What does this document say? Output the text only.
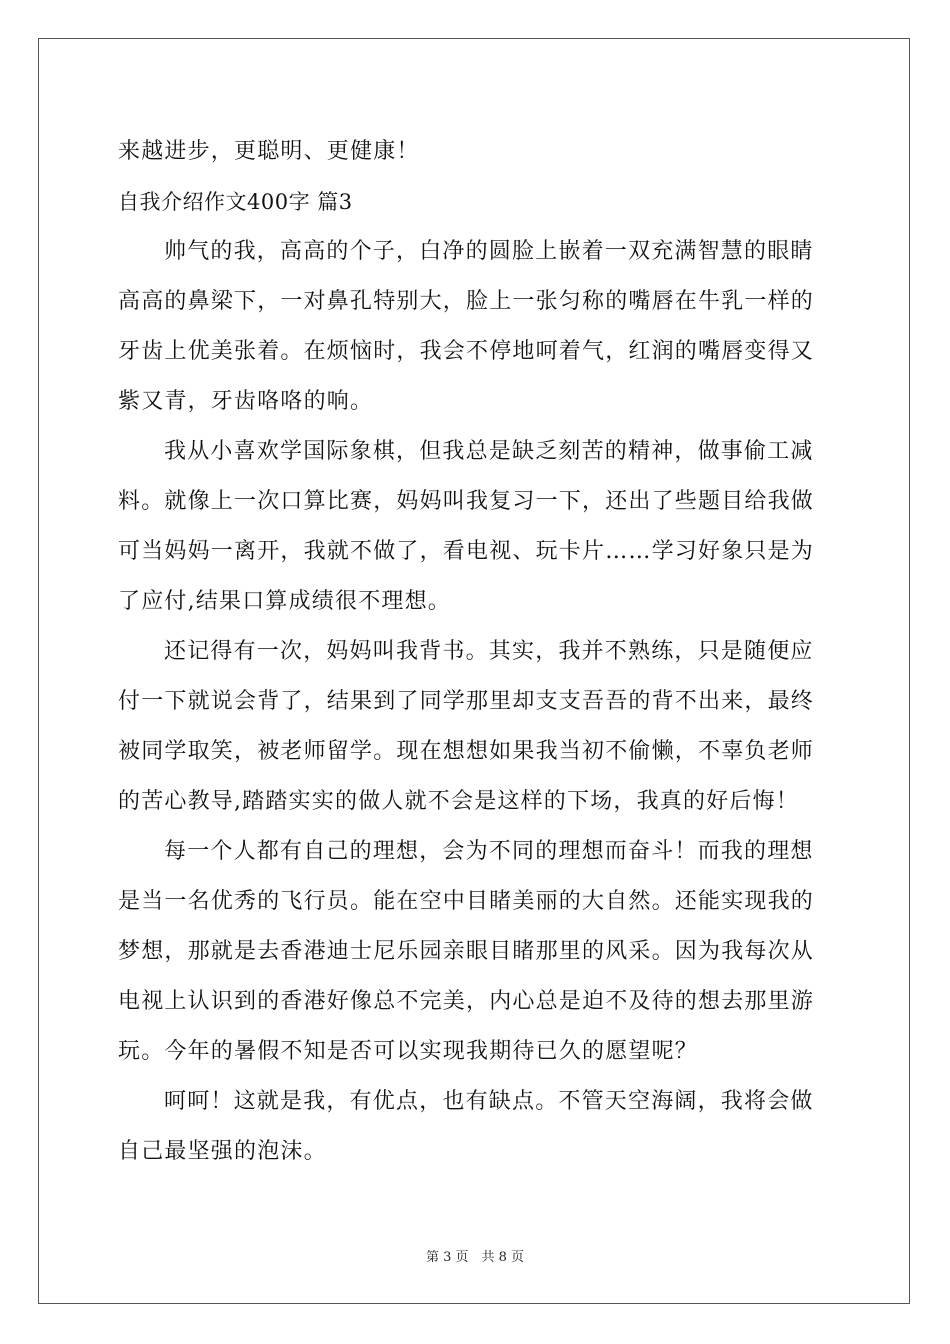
来越进步，更聪明、更健康！
自我介绍作文400字 篇3
帅气的我，高高的个子，白净的圆脸上嵌着一双充满智慧的眼睛
高高的鼻梁下，一对鼻孔特别大，脸上一张匀称的嘴唇在牛乳一样的
牙齿上优美张着。在烦恼时，我会不停地呵着气，红润的嘴唇变得又
紫又青，牙齿咯咯的响。
我从小喜欢学国际象棋，但我总是缺乏刻苦的精神，做事偷工减
料。就像上一次口算比赛，妈妈叫我复习一下，还出了些题目给我做
可当妈妈一离开，我就不做了，看电视、玩卡片……学习好象只是为
了应付,结果口算成绩很不理想。
还记得有一次，妈妈叫我背书。其实，我并不熟练，只是随便应
付一下就说会背了，结果到了同学那里却支支吾吾的背不出来，最终
被同学取笑，被老师留学。现在想想如果我当初不偷懒，不辜负老师
的苦心教导,踏踏实实的做人就不会是这样的下场，我真的好后悔！
每一个人都有自己的理想，会为不同的理想而奋斗！而我的理想
是当一名优秀的飞行员。能在空中目睹美丽的大自然。还能实现我的
梦想，那就是去香港迪士尼乐园亲眼目睹那里的风采。因为我每次从
电视上认识到的香港好像总不完美，内心总是迫不及待的想去那里游
玩。今年的暑假不知是否可以实现我期待已久的愿望呢？
呵呵！这就是我，有优点，也有缺点。不管天空海阔，我将会做
自己最坚强的泡沫。
第 3 页　共 8 页
